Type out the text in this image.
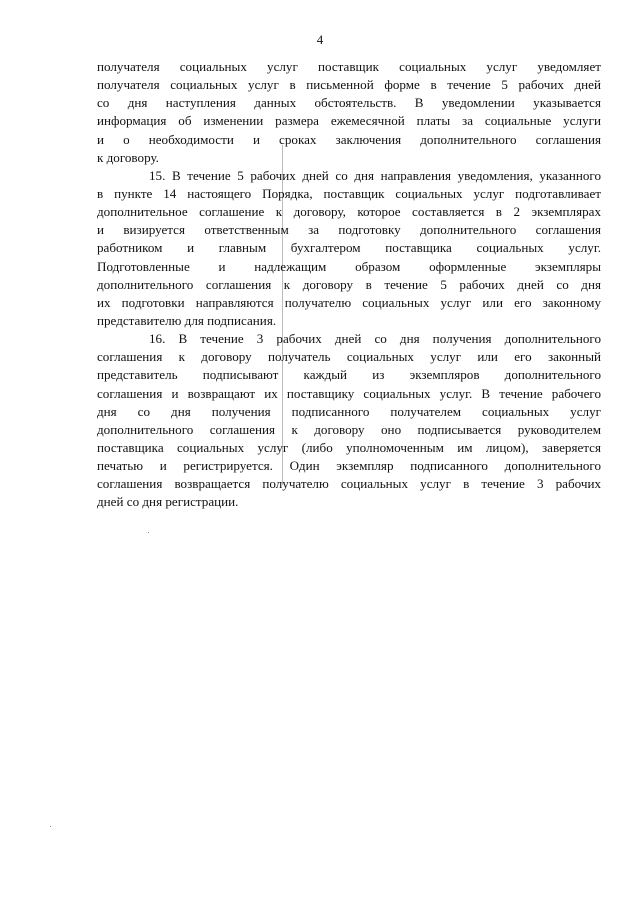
4
получателя социальных услуг поставщик социальных услуг уведомляет
получателя социальных услуг в письменной форме в течение 5 рабочих дней
со дня наступления данных обстоятельств. В уведомлении указывается
информация об изменении размера ежемесячной платы за социальные услуги
и о необходимости и сроках заключения дополнительного соглашения
к договору.
15. В течение 5 рабочих дней со дня направления уведомления, указанного
в пункте 14 настоящего Порядка, поставщик социальных услуг подготавливает
дополнительное соглашение к договору, которое составляется в 2 экземплярах
и визируется ответственным за подготовку дополнительного соглашения
работником и главным бухгалтером поставщика социальных услуг.
Подготовленные и надлежащим образом оформленные экземпляры
дополнительного соглашения к договору в течение 5 рабочих дней со дня
их подготовки направляются получателю социальных услуг или его законному
представителю для подписания.
16. В течение 3 рабочих дней со дня получения дополнительного
соглашения к договору получатель социальных услуг или его законный
представитель подписывают каждый из экземпляров дополнительного
соглашения и возвращают их поставщику социальных услуг. В течение рабочего
дня со дня получения подписанного получателем социальных услуг
дополнительного соглашения к договору оно подписывается руководителем
поставщика социальных услуг (либо уполномоченным им лицом), заверяется
печатью и регистрируется. Один экземпляр подписанного дополнительного
соглашения возвращается получателю социальных услуг в течение 3 рабочих
дней со дня регистрации.
